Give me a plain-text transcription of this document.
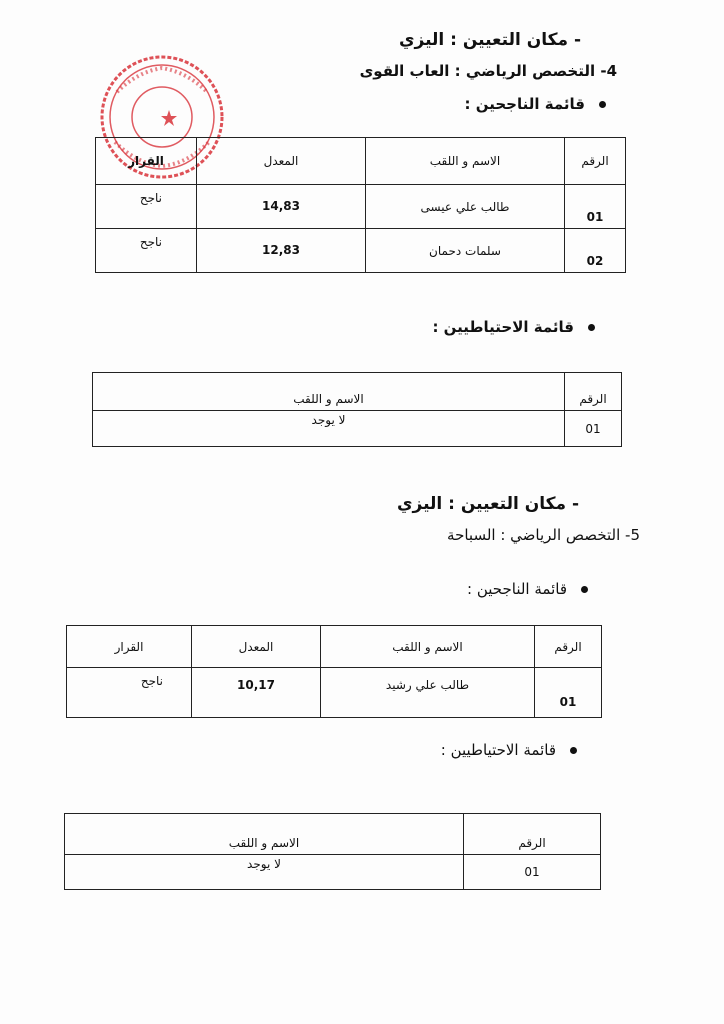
- مكان التعيين : اليزي
4- التخصص الرياضي : العاب القوى
قائمة الناجحين :
الرقم	الاسم و اللقب	المعدل	القرار
01	طالب علي عيسى	14,83	ناجح
02	سلمات دحمان	12,83	ناجح
قائمة الاحتياطيين :
الرقم	الاسم و اللقب
01	لا يوجد
- مكان التعيين : اليزي
5- التخصص الرياضي : السباحة
قائمة الناجحين :
الرقم	الاسم و اللقب	المعدل	القرار
01	طالب علي رشيد	10,17	ناجح
قائمة الاحتياطيين :
الرقم	الاسم و اللقب
01	لا يوجد
